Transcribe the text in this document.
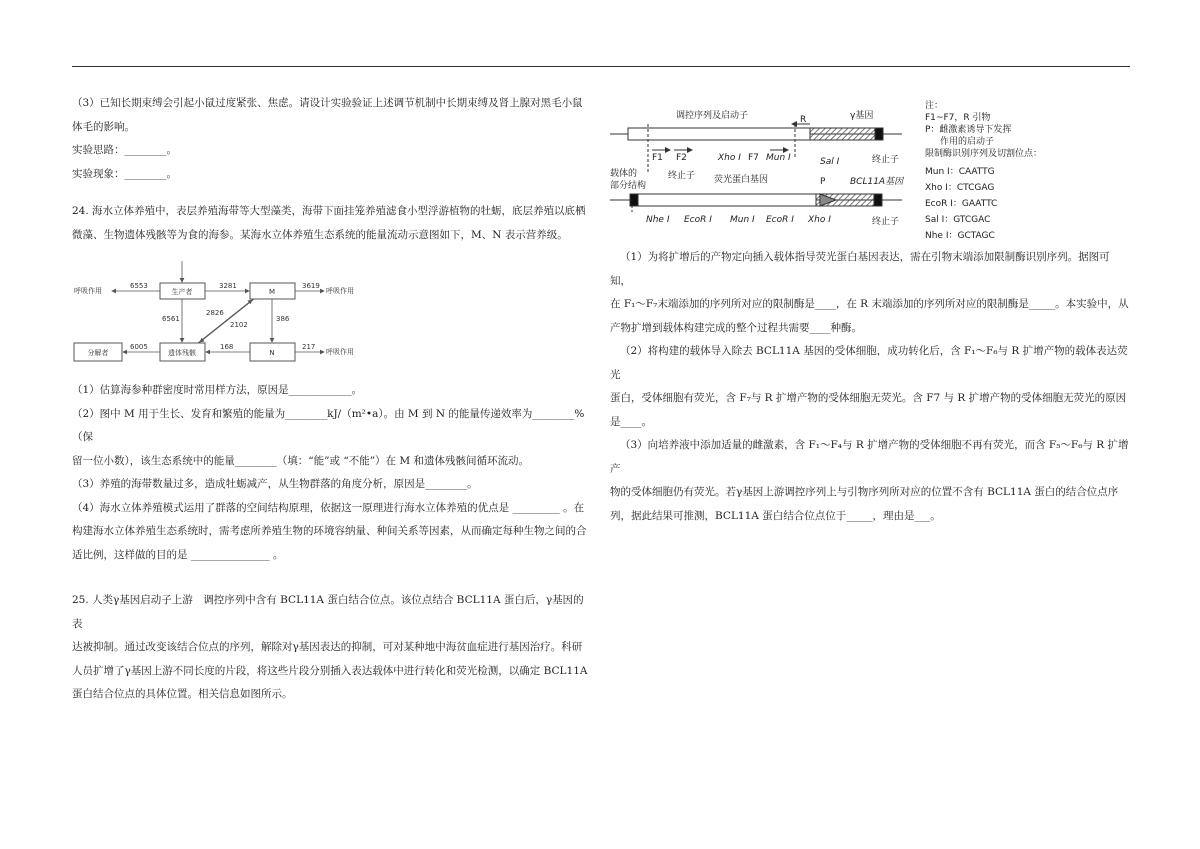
（3）已知长期束缚会引起小鼠过度紧张、焦虑。请设计实验验证上述调节机制中长期束缚及肾上腺对黑毛小鼠

体毛的影响。

实验思路：________。

实验现象：________。

24. 海水立体养殖中，表层养殖海带等大型藻类，海带下面挂笼养殖滤食小型浮游植物的牡蛎，底层养殖以底栖

微藻、生物遗体残骸等为食的海参。某海水立体养殖生态系统的能量流动示意图如下，M、N 表示营养级。

生产者	M
遗体残骸	N
分解者
呼吸作用	呼吸作用
呼吸作用
6553	3281	3619
6561
2826
2102
386
6005	168	217

（1）估算海参种群密度时常用样方法，原因是____________。

（2）图中 M 用于生长、发育和繁殖的能量为________kJ/（m²•a）。由 M 到 N 的能量传递效率为________%（保

留一位小数），该生态系统中的能量________（填：“能”或 “不能”）在 M 和遗体残骸间循环流动。

（3）养殖的海带数量过多，造成牡蛎减产，从生物群落的角度分析，原因是________。

（4）海水立体养殖模式运用了群落的空间结构原理，依据这一原理进行海水立体养殖的优点是 _________ 。在

构建海水立体养殖生态系统时，需考虑所养殖生物的环境容纳量、种间关系等因素，从而确定每种生物之间的合

适比例，这样做的目的是 _______________ 。

25. 人类γ基因启动子上游　调控序列中含有 BCL11A 蛋白结合位点。该位点结合 BCL11A 蛋白后，γ基因的表

达被抑制。通过改变该结合位点的序列，解除对γ基因表达的抑制，可对某种地中海贫血症进行基因治疗。科研

人员扩增了γ基因上游不同长度的片段，将这些片段分别插入表达载体中进行转化和荧光检测，以确定 BCL11A

蛋白结合位点的具体位置。相关信息如图所示。

调控序列及启动子	R	γ基因
F1 F2	Xho I F7 Mun I	Sal I	终止子
载体的
部分结构
终止子 荧光蛋白基因	P	BCL11A基因
Nhe I EcoR I Mun I EcoR I Xho I	终止子
注：
F1~F7，R 引物
P：雌激素诱导下发挥
作用的启动子
限制酶识别序列及切割位点：
Mun I：CAATTG
Xho I：CTCGAG
EcoR I：GAATTC
Sal I：GTCGAC
Nhe I：GCTAGC

（1）为将扩增后的产物定向插入载体指导荧光蛋白基因表达，需在引物末端添加限制酶识别序列。据图可知，

在 F₁～F₇末端添加的序列所对应的限制酶是____，在 R 末端添加的序列所对应的限制酶是_____。本实验中，从

产物扩增到载体构建完成的整个过程共需要____种酶。

（2）将构建的载体导入除去 BCL11A 基因的受体细胞，成功转化后，含 F₁～F₆与 R 扩增产物的载体表达荧光

蛋白，受体细胞有荧光，含 F₇与 R 扩增产物的受体细胞无荧光。含 F7 与 R 扩增产物的受体细胞无荧光的原因

是____。

（3）向培养液中添加适量的雌激素，含 F₁～F₄与 R 扩增产物的受体细胞不再有荧光，而含 F₅～F₆与 R 扩增产

物的受体细胞仍有荧光。若γ基因上游调控序列上与引物序列所对应的位置不含有 BCL11A 蛋白的结合位点序

列，据此结果可推测，BCL11A 蛋白结合位点位于_____，理由是___。
